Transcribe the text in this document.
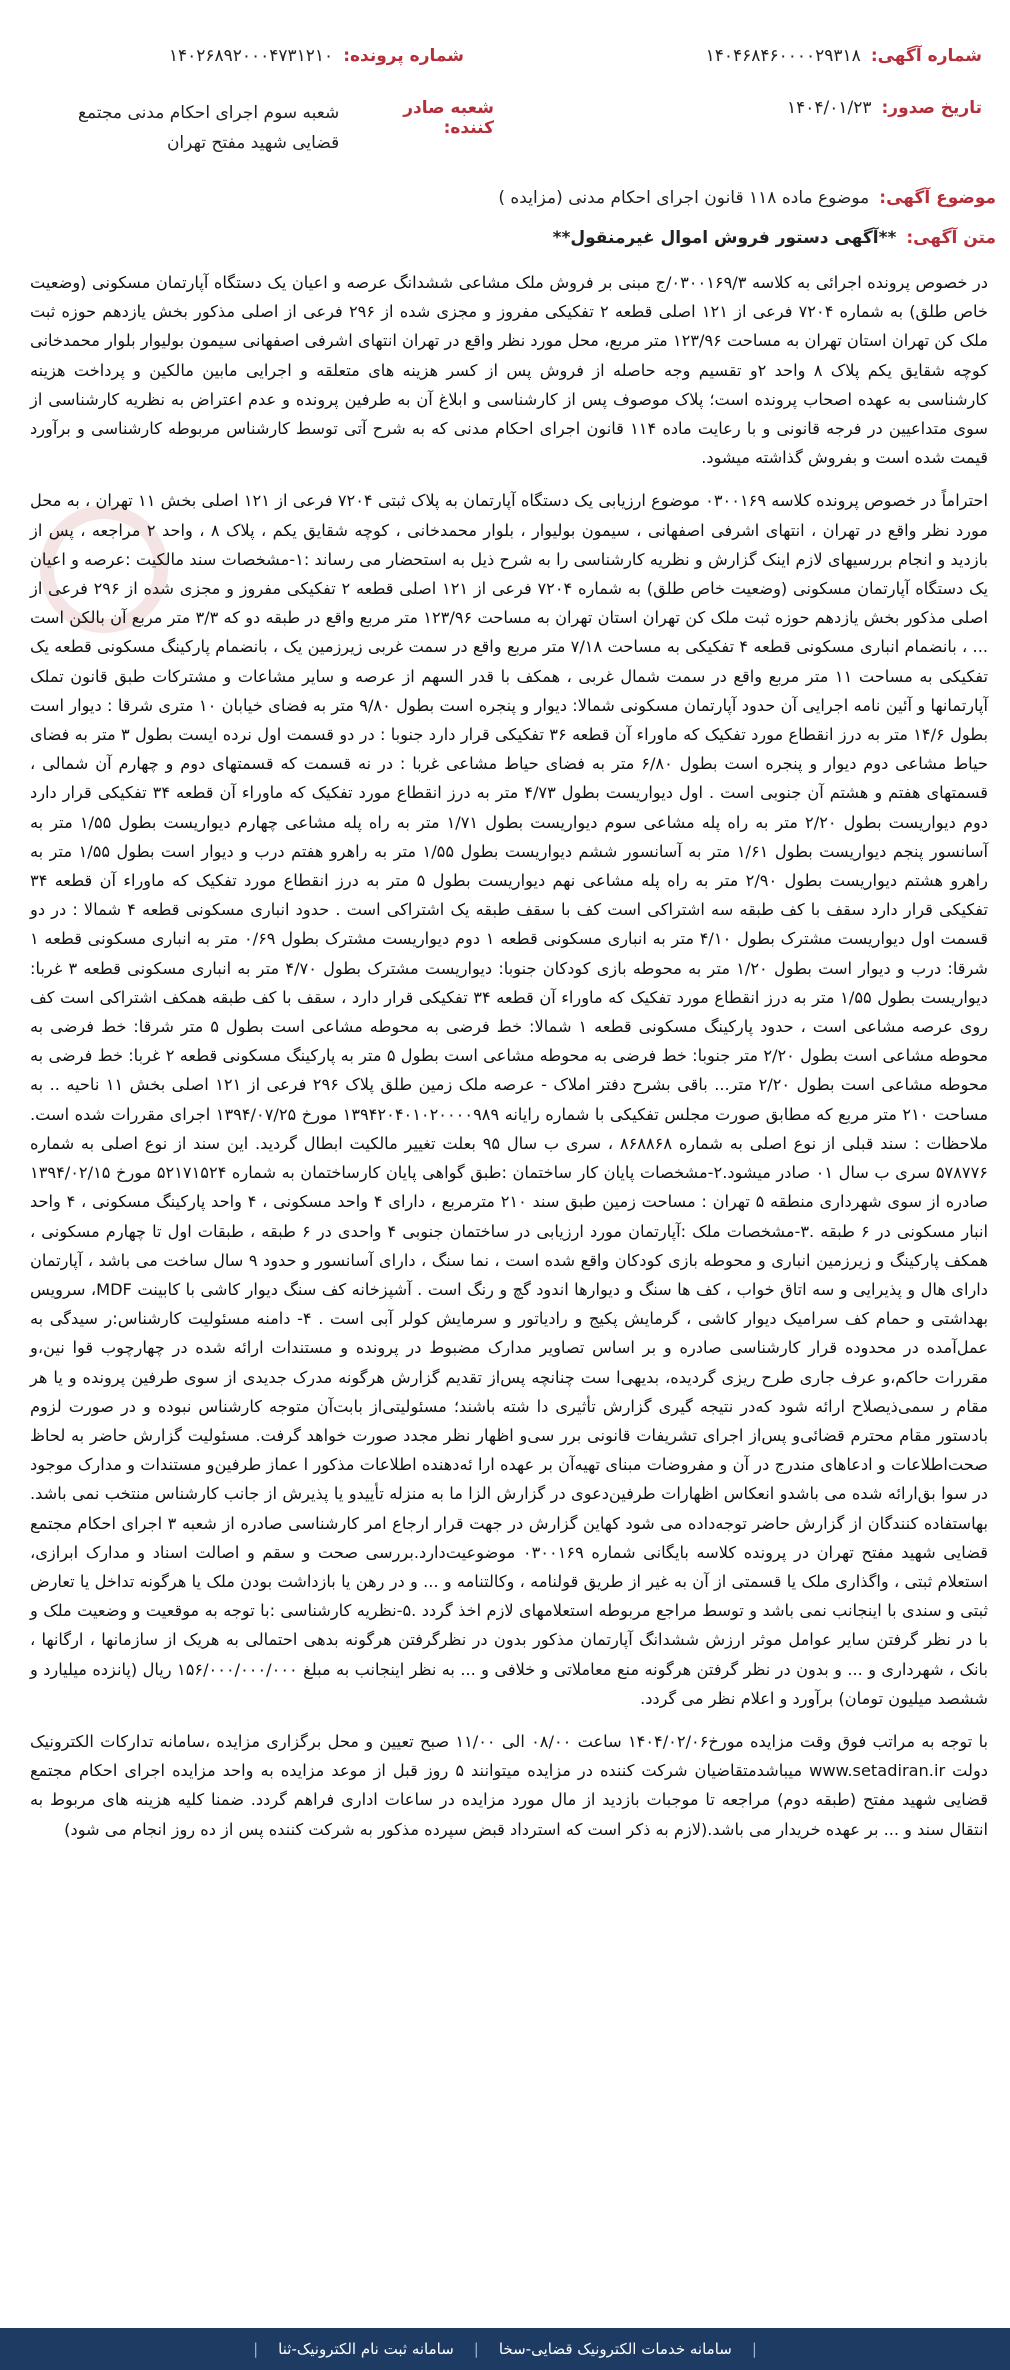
شماره آگهی:
۱۴۰۴۶۸۴۶۰۰۰۰۲۹۳۱۸
شماره پرونده:
۱۴۰۲۶۸۹۲۰۰۰۴۷۳۱۲۱۰
تاریخ صدور:
۱۴۰۴/۰۱/۲۳
شعبه صادر کننده:
شعبه سوم اجرای احکام مدنی مجتمع قضایی شهید مفتح تهران
موضوع آگهی:
موضوع ماده ۱۱۸ قانون اجرای احکام مدنی (مزایده )
متن آگهی:
**آگهی دستور فروش اموال غیرمنقول**

در خصوص پرونده اجرائی به کلاسه ۰۳۰۰۱۶۹/۳/ج مبنی بر فروش ملک مشاعی ششدانگ عرصه و اعیان یک دستگاه آپارتمان مسکونی (وضعیت خاص طلق) به شماره ۷۲۰۴ فرعی از ۱۲۱ اصلی قطعه ۲ تفکیکی مفروز و مجزی شده از ۲۹۶ فرعی از اصلی مذکور بخش یازدهم حوزه ثبت ملک کن تهران استان تهران به مساحت ۱۲۳/۹۶ متر مربع، محل مورد نظر واقع در تهران انتهای اشرفی اصفهانی سیمون بولیوار بلوار محمدخانی کوچه شقایق یکم پلاک ۸ واحد ۲و تقسیم وجه حاصله از فروش پس از کسر هزینه های متعلقه و اجرایی مابین مالکین و پرداخت هزینه کارشناسی به عهده اصحاب پرونده است؛ پلاک موصوف پس از کارشناسی و ابلاغ آن به طرفین پرونده و عدم اعتراض به نظریه کارشناسی از سوی متداعیین در فرجه قانونی و با رعایت ماده ۱۱۴ قانون اجرای احکام مدنی که به شرح آتی توسط کارشناس مربوطه کارشناسی و برآورد قیمت شده است و بفروش گذاشته میشود.

احتراماً در خصوص پرونده کلاسه ۰۳۰۰۱۶۹ موضوع ارزیابی یک دستگاه آپارتمان به پلاک ثبتی ۷۲۰۴ فرعی از ۱۲۱ اصلی بخش ۱۱ تهران ، به محل مورد نظر واقع در تهران ، انتهای اشرفی اصفهانی ، سیمون بولیوار ، بلوار محمدخانی ، کوچه شقایق یکم ، پلاک ۸ ، واحد ۲ مراجعه ، پس از بازدید و انجام بررسیهای لازم اینک گزارش و نظریه کارشناسی را به شرح ذیل به استحضار می رساند :۱-مشخصات سند مالکیت :عرصه و اعیان یک دستگاه آپارتمان مسکونی (وضعیت خاص طلق) به شماره ۷۲۰۴ فرعی از ۱۲۱ اصلی قطعه ۲ تفکیکی مفروز و مجزی شده از ۲۹۶ فرعی از اصلی مذکور بخش یازدهم حوزه ثبت ملک کن تهران استان تهران به مساحت ۱۲۳/۹۶ متر مربع واقع در طبقه دو که ۳/۳ متر مربع آن بالکن است ... ، بانضمام انباری مسکونی قطعه ۴ تفکیکی به مساحت ۷/۱۸ متر مربع واقع در سمت غربی زیرزمین یک ، بانضمام پارکینگ مسکونی قطعه یک تفکیکی به مساحت ۱۱ متر مربع واقع در سمت شمال غربی ، همکف با قدر السهم از عرصه و سایر مشاعات و مشترکات طبق قانون تملک آپارتمانها و آئین نامه اجرایی آن حدود آپارتمان مسکونی شمالا: دیوار و پنجره است بطول ۹/۸۰ متر به فضای خیابان ۱۰ متری شرقا : دیوار است بطول ۱۴/۶ متر به درز انقطاع مورد تفکیک که ماوراء آن قطعه ۳۶ تفکیکی قرار دارد جنوبا : در دو قسمت اول نرده ایست بطول ۳ متر به فضای حیاط مشاعی دوم دیوار و پنجره است بطول ۶/۸۰ متر به فضای حیاط مشاعی غربا : در نه قسمت که قسمتهای دوم و چهارم آن شمالی ، قسمتهای هفتم و هشتم آن جنوبی است . اول دیواریست بطول ۴/۷۳ متر به درز انقطاع مورد تفکیک که ماوراء آن قطعه ۳۴ تفکیکی قرار دارد دوم دیواریست بطول ۲/۲۰ متر به راه پله مشاعی سوم دیواریست بطول ۱/۷۱ متر به راه پله مشاعی چهارم دیواریست بطول ۱/۵۵ متر به آسانسور پنجم دیواریست بطول ۱/۶۱ متر به آسانسور ششم دیواریست بطول ۱/۵۵ متر به راهرو هفتم درب و دیوار است بطول ۱/۵۵ متر به راهرو هشتم دیواریست بطول ۲/۹۰ متر به راه پله مشاعی نهم دیواریست بطول ۵ متر به درز انقطاع مورد تفکیک که ماوراء آن قطعه ۳۴ تفکیکی قرار دارد سقف با کف طبقه سه اشتراکی است کف با سقف طبقه یک اشتراکی است . حدود انباری مسکونی قطعه ۴ شمالا : در دو قسمت اول دیواریست مشترک بطول ۴/۱۰ متر به انباری مسکونی قطعه ۱ دوم دیواریست مشترک بطول ۰/۶۹ متر به انباری مسکونی قطعه ۱ شرقا: درب و دیوار است بطول ۱/۲۰ متر به محوطه بازی کودکان جنوبا: دیواریست مشترک بطول ۴/۷۰ متر به انباری مسکونی قطعه ۳ غربا: دیواریست بطول ۱/۵۵ متر به درز انقطاع مورد تفکیک که ماوراء آن قطعه ۳۴ تفکیکی قرار دارد ، سقف با کف طبقه همکف اشتراکی است کف روی عرصه مشاعی است ، حدود پارکینگ مسکونی قطعه ۱ شمالا: خط فرضی به محوطه مشاعی است بطول ۵ متر شرقا: خط فرضی به محوطه مشاعی است بطول ۲/۲۰ متر جنوبا: خط فرضی به محوطه مشاعی است بطول ۵ متر به پارکینگ مسکونی قطعه ۲ غربا: خط فرضی به محوطه مشاعی است بطول ۲/۲۰ متر... باقی بشرح دفتر املاک - عرصه ملک زمین طلق پلاک ۲۹۶ فرعی از ۱۲۱ اصلی بخش ۱۱ ناحیه .. به مساحت ۲۱۰ متر مربع که مطابق صورت مجلس تفکیکی با شماره رایانه ۱۳۹۴۲۰۴۰۱۰۲۰۰۰۰۹۸۹ مورخ ۱۳۹۴/۰۷/۲۵ اجرای مقررات شده است. ملاحظات : سند قبلی از نوع اصلی به شماره ۸۶۸۸۶۸ ، سری ب سال ۹۵ بعلت تغییر مالکیت ابطال گردید. این سند از نوع اصلی به شماره ۵۷۸۷۷۶ سری ب سال ۰۱ صادر میشود.۲-مشخصات پایان کار ساختمان :طبق گواهی پایان کارساختمان به شماره ۵۲۱۷۱۵۲۴ مورخ ۱۳۹۴/۰۲/۱۵ صادره از سوی شهرداری منطقه ۵ تهران : مساحت زمین طبق سند ۲۱۰ مترمربع ، دارای ۴ واحد مسکونی ، ۴ واحد پارکینگ مسکونی ، ۴ واحد انبار مسکونی در ۶ طبقه .۳-مشخصات ملک :آپارتمان مورد ارزیابی در ساختمان جنوبی ۴ واحدی در ۶ طبقه ، طبقات اول تا چهارم مسکونی ، همکف پارکینگ و زیرزمین انباری و محوطه بازی کودکان واقع شده است ، نما سنگ ، دارای آسانسور و حدود ۹ سال ساخت می باشد ، آپارتمان دارای هال و پذیرایی و سه اتاق خواب ، کف ها سنگ و دیوارها اندود گچ و رنگ است . آشپزخانه کف سنگ دیوار کاشی با کابینت MDF، سرویس بهداشتی و حمام کف سرامیک دیوار کاشی ، گرمایش پکیج و رادیاتور و سرمایش کولر آبی است . ۴- دامنه مسئولیت کارشناس:ر سیدگی به عمل‌آمده در محدوده قرار کارشناسی صادره و بر اساس تصاویر مدارک مضبوط در پرونده و مستندات ارائه شده در چهارچوب قوا نین،و مقررات حاکم،و عرف جاری طرح ریزی گردیده، بدیهی‌ا ست چنانچه پس‌از تقدیم گزارش هرگونه مدرک جدیدی از سوی طرفین پرونده و یا هر مقام ر سمی‌ذیصلاح ارائه شود که‌در نتیجه گیری گزارش تأثیری دا شته باشند؛ مسئولیتی‌از بابت‌آن متوجه کارشناس نبوده و در صورت لزوم بادستور مقام محترم قضائی‌و پس‌از اجرای تشریفات قانونی برر سی‌و اظهار نظر مجدد صورت خواهد گرفت. مسئولیت گزارش حاضر به لحاظ صحت‌اطلاعات و ادعاهای مندرج در آن و مفروضات مبنای تهیه‌آن بر عهده ارا ئه‌دهنده اطلاعات مذکور ا عماز طرفین‌و مستندات و مدارک موجود در سوا بق‌ارائه شده می باشدو انعکاس اظهارات طرفین‌دعوی در گزارش الزا ما به منزله تأییدو یا پذیرش از جانب کارشناس منتخب نمی باشد. بهاستفاده کنندگان از گزارش حاضر توجه‌داده می شود کهاین گزارش در جهت قرار ارجاع امر کارشناسی صادره از شعبه ۳ اجرای احکام مجتمع قضایی شهید مفتح تهران در پرونده کلاسه بایگانی شماره ۰۳۰۰۱۶۹ موضوعیت‌دارد.بررسی صحت و سقم و اصالت اسناد و مدارک ابرازی، استعلام ثبتی ، واگذاری ملک یا قسمتی از آن به غیر از طریق قولنامه ، وکالتنامه و ... و در رهن یا بازداشت بودن ملک یا هرگونه تداخل یا تعارض ثبتی و سندی با اینجانب نمی باشد و توسط مراجع مربوطه استعلامهای لازم اخذ گردد .۵-نظریه کارشناسی :با توجه به موقعیت و وضعیت ملک و با در نظر گرفتن سایر عوامل موثر ارزش ششدانگ آپارتمان مذکور بدون در نظرگرفتن هرگونه بدهی احتمالی به هریک از سازمانها ، ارگانها ، بانک ، شهرداری و ... و بدون در نظر گرفتن هرگونه منع معاملاتی و خلافی و ... به نظر اینجانب به مبلغ ۱۵۶/۰۰۰/۰۰۰/۰۰۰ ریال (پانزده میلیارد و ششصد میلیون تومان) برآورد و اعلام نظر می گردد.

با توجه به مراتب فوق وقت مزایده مورخ۱۴۰۴/۰۲/۰۶ ساعت ۰۸/۰۰ الی ۱۱/۰۰ صبح تعیین و محل برگزاری مزایده ،سامانه تدارکات الکترونیک دولت www.setadiran.ir میباشدمتقاضیان شرکت کننده در مزایده میتوانند ۵ روز قبل از موعد مزایده به واحد مزایده اجرای احکام مجتمع قضایی شهید مفتح (طبقه دوم) مراجعه تا موجبات بازدید از مال مورد مزایده در ساعات اداری فراهم گردد. ضمنا کلیه هزینه های مربوط به انتقال سند و ... بر عهده خریدار می باشد.(لازم به ذکر است که استرداد قبض سپرده مذکور به شرکت کننده پس از ده روز انجام می شود)

|
سامانه خدمات الکترونیک قضایی-سخا
|
سامانه ثبت نام الکترونیک-ثنا
|
